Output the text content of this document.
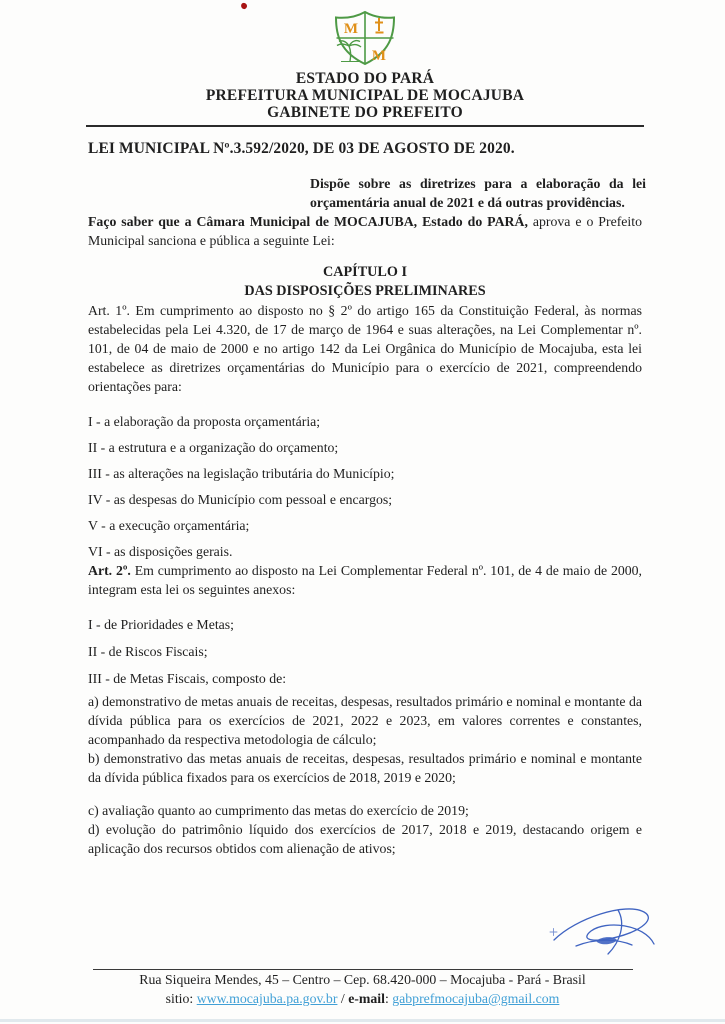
M
M

ESTADO DO PARÁ

PREFEITURA MUNICIPAL DE MOCAJUBA

GABINETE DO PREFEITO

LEI MUNICIPAL Nº.3.592/2020, DE 03 DE AGOSTO DE 2020.

Dispõe sobre as diretrizes para a elaboração da lei orçamentária anual de 2021 e dá outras providências.

Faço saber que a Câmara Municipal de MOCAJUBA, Estado do PARÁ, aprova e o Prefeito Municipal sanciona e pública a seguinte Lei:

CAPÍTULO I
DAS DISPOSIÇÕES PRELIMINARES

Art. 1º. Em cumprimento ao disposto no § 2º do artigo 165 da Constituição Federal, às normas estabelecidas pela Lei 4.320, de 17 de março de 1964 e suas alterações, na Lei Complementar nº. 101, de 04 de maio de 2000 e no artigo 142 da Lei Orgânica do Município de Mocajuba, esta lei estabelece as diretrizes orçamentárias do Município para o exercício de 2021, compreendendo orientações para:

I - a elaboração da proposta orçamentária;

II - a estrutura e a organização do orçamento;

III - as alterações na legislação tributária do Município;

IV - as despesas do Município com pessoal e encargos;

V - a execução orçamentária;

VI - as disposições gerais.

Art. 2º. Em cumprimento ao disposto na Lei Complementar Federal nº. 101, de 4 de maio de 2000, integram esta lei os seguintes anexos:

I - de Prioridades e Metas;

II - de Riscos Fiscais;

III - de Metas Fiscais, composto de:

a) demonstrativo de metas anuais de receitas, despesas, resultados primário e nominal e montante da dívida pública para os exercícios de 2021, 2022 e 2023, em valores correntes e constantes, acompanhado da respectiva metodologia de cálculo;

b) demonstrativo das metas anuais de receitas, despesas, resultados primário e nominal e montante da dívida pública fixados para os exercícios de 2018, 2019 e 2020;

c) avaliação quanto ao cumprimento das metas do exercício de 2019;

d) evolução do patrimônio líquido dos exercícios de 2017, 2018 e 2019, destacando origem e aplicação dos recursos obtidos com alienação de ativos;

Rua Siqueira Mendes, 45 – Centro – Cep. 68.420-000 – Mocajuba - Pará - Brasil

sitio: www.mocajuba.pa.gov.br / e-mail: gabprefmocajuba@gmail.com
